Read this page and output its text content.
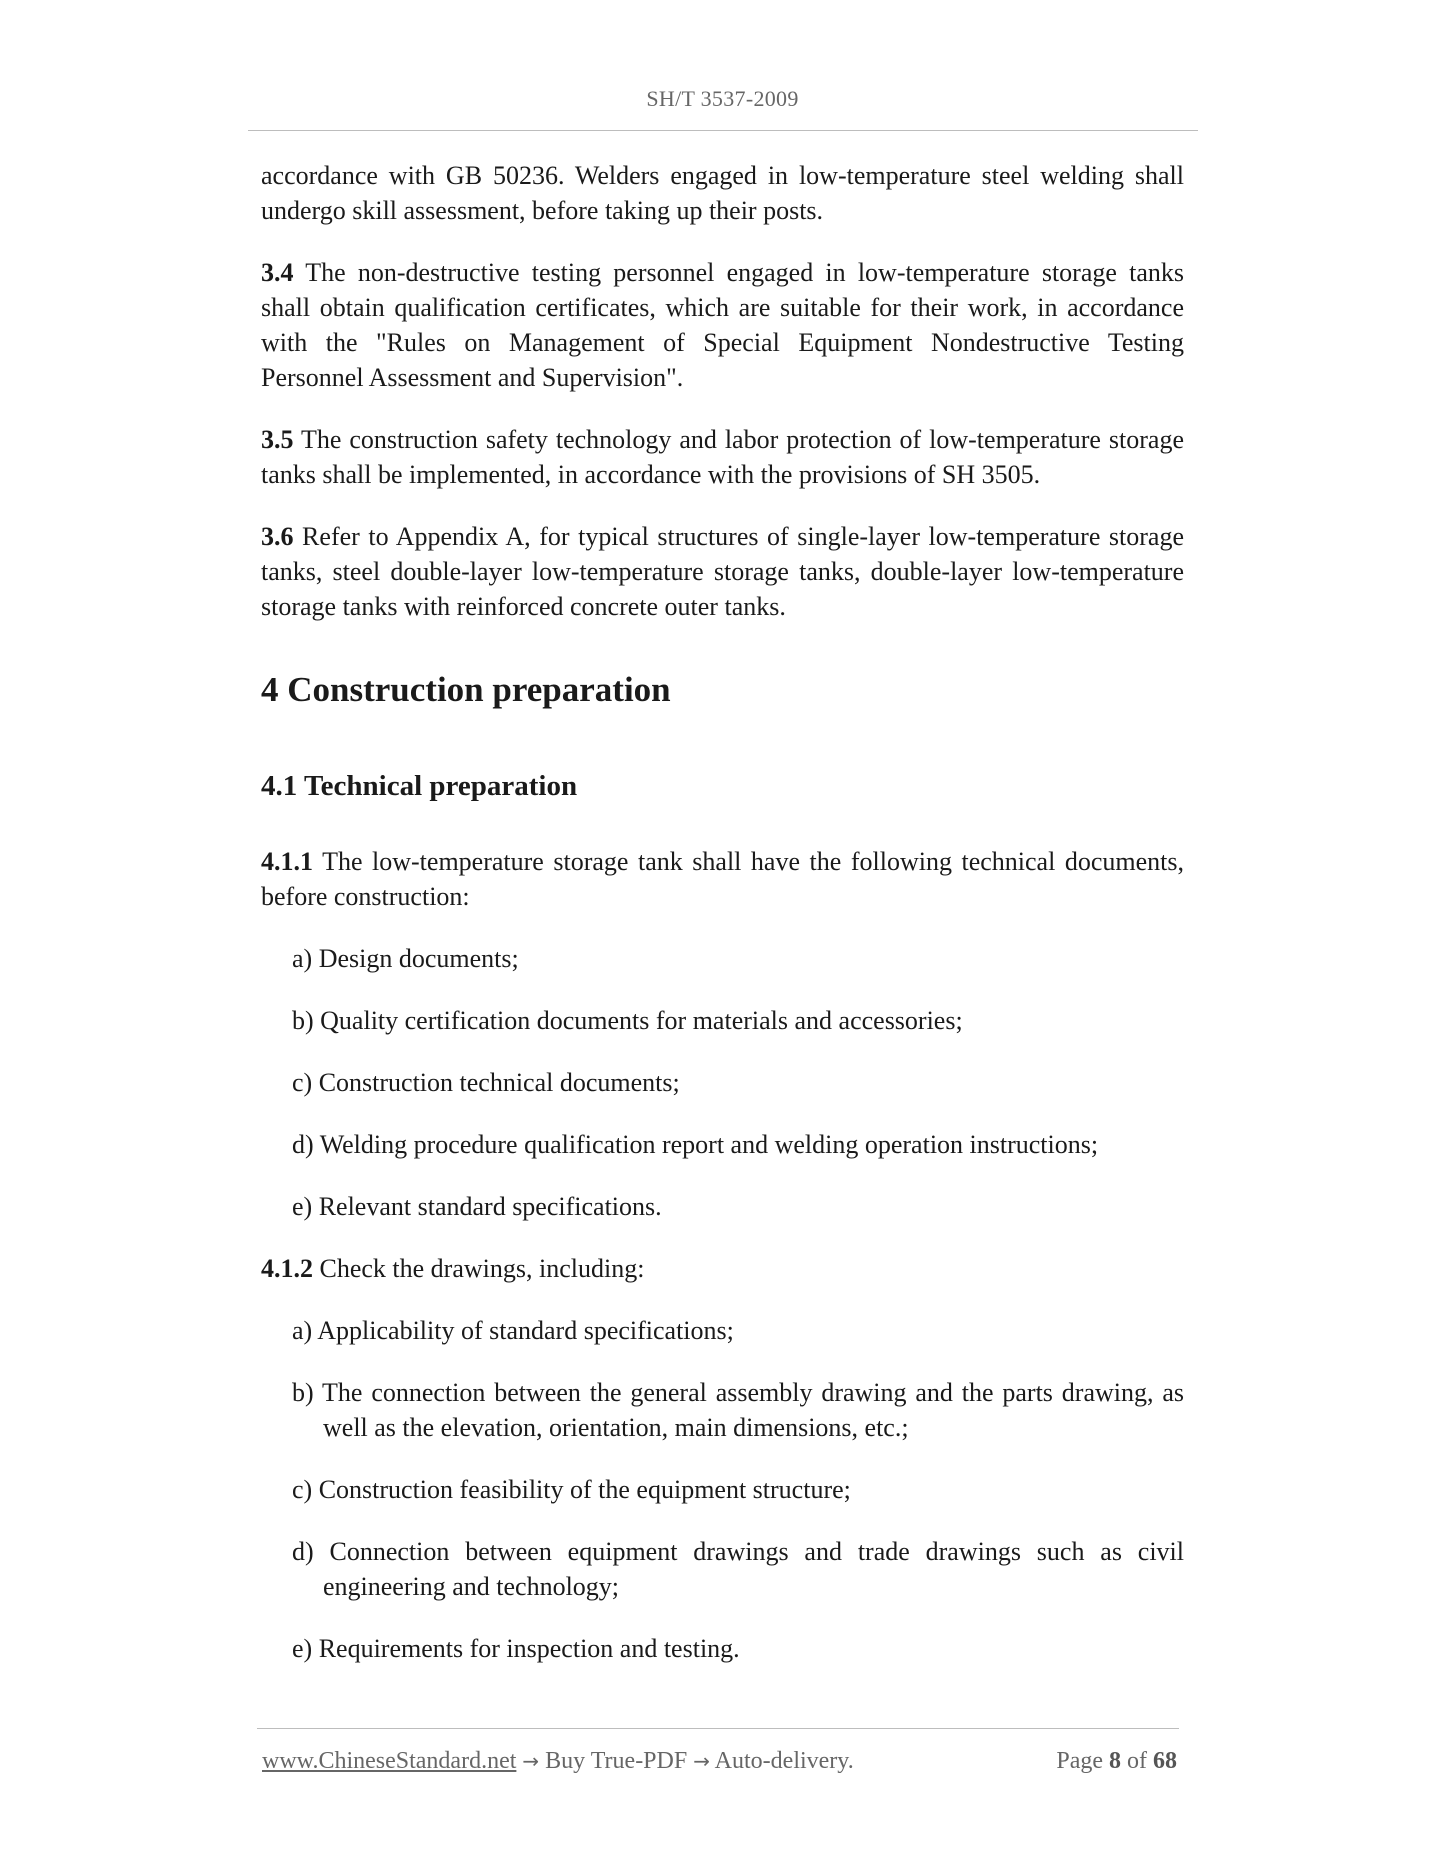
SH/T 3537-2009

accordance with GB 50236. Welders engaged in low-temperature steel welding shall undergo skill assessment, before taking up their posts.

3.4 The non-destructive testing personnel engaged in low-temperature storage tanks shall obtain qualification certificates, which are suitable for their work, in accordance with the "Rules on Management of Special Equipment Nondestructive Testing Personnel Assessment and Supervision".

3.5 The construction safety technology and labor protection of low-temperature storage tanks shall be implemented, in accordance with the provisions of SH 3505.

3.6 Refer to Appendix A, for typical structures of single-layer low-temperature storage tanks, steel double-layer low-temperature storage tanks, double-layer low-temperature storage tanks with reinforced concrete outer tanks.

4 Construction preparation
4.1 Technical preparation

4.1.1 The low-temperature storage tank shall have the following technical documents, before construction:

a) Design documents;
b) Quality certification documents for materials and accessories;
c) Construction technical documents;
d) Welding procedure qualification report and welding operation instructions;
e) Relevant standard specifications.

4.1.2 Check the drawings, including:

a) Applicability of standard specifications;
b) The connection between the general assembly drawing and the parts drawing, as well as the elevation, orientation, main dimensions, etc.;
c) Construction feasibility of the equipment structure;
d) Connection between equipment drawings and trade drawings such as civil engineering and technology;
e) Requirements for inspection and testing.
www.ChineseStandard.net → Buy True-PDF → Auto-delivery.	Page 8 of 68
